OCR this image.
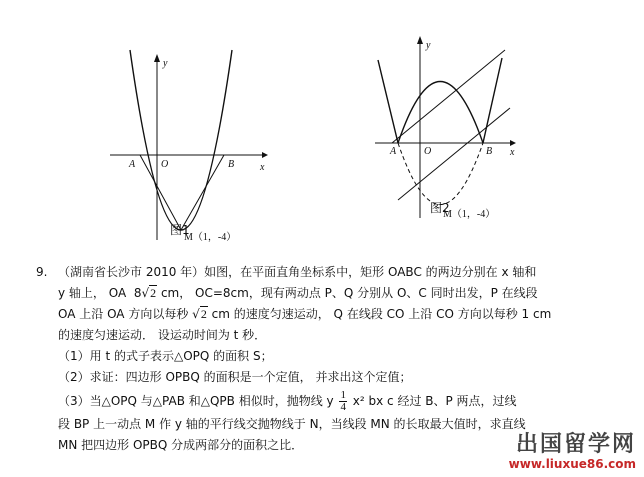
y
x
A	O	B
图1
M（1，-4）
y
x
A	O	B
图2
M（1，-4）
9. （湖南省长沙市 2010 年）如图，在平面直角坐标系中，矩形 OABC 的两边分别在 x 轴和
y 轴上， OA 8√2 cm， OC=8cm，现有两动点 P、Q 分别从 O、C 同时出发，P 在线段
OA 上沿 OA 方向以每秒 √2 cm 的速度匀速运动， Q 在线段 CO 上沿 CO 方向以每秒 1 cm
的速度匀速运动． 设运动时间为 t 秒．
（1）用 t 的式子表示△OPQ 的面积 S；
（2）求证：四边形 OPBQ 的面积是一个定值， 并求出这个定值；
（3）当△OPQ 与△PAB 和△QPB 相似时，抛物线 y $\frac{1}{4} x^2$ bx c 经过 B、P 两点，过线
段 BP 上一动点 M 作 y 轴的平行线交抛物线于 N，当线段 MN 的长取最大值时，求直线
MN 把四边形 OPBQ 分成两部分的面积之比．	出国留学网
www.liuxue86.com
